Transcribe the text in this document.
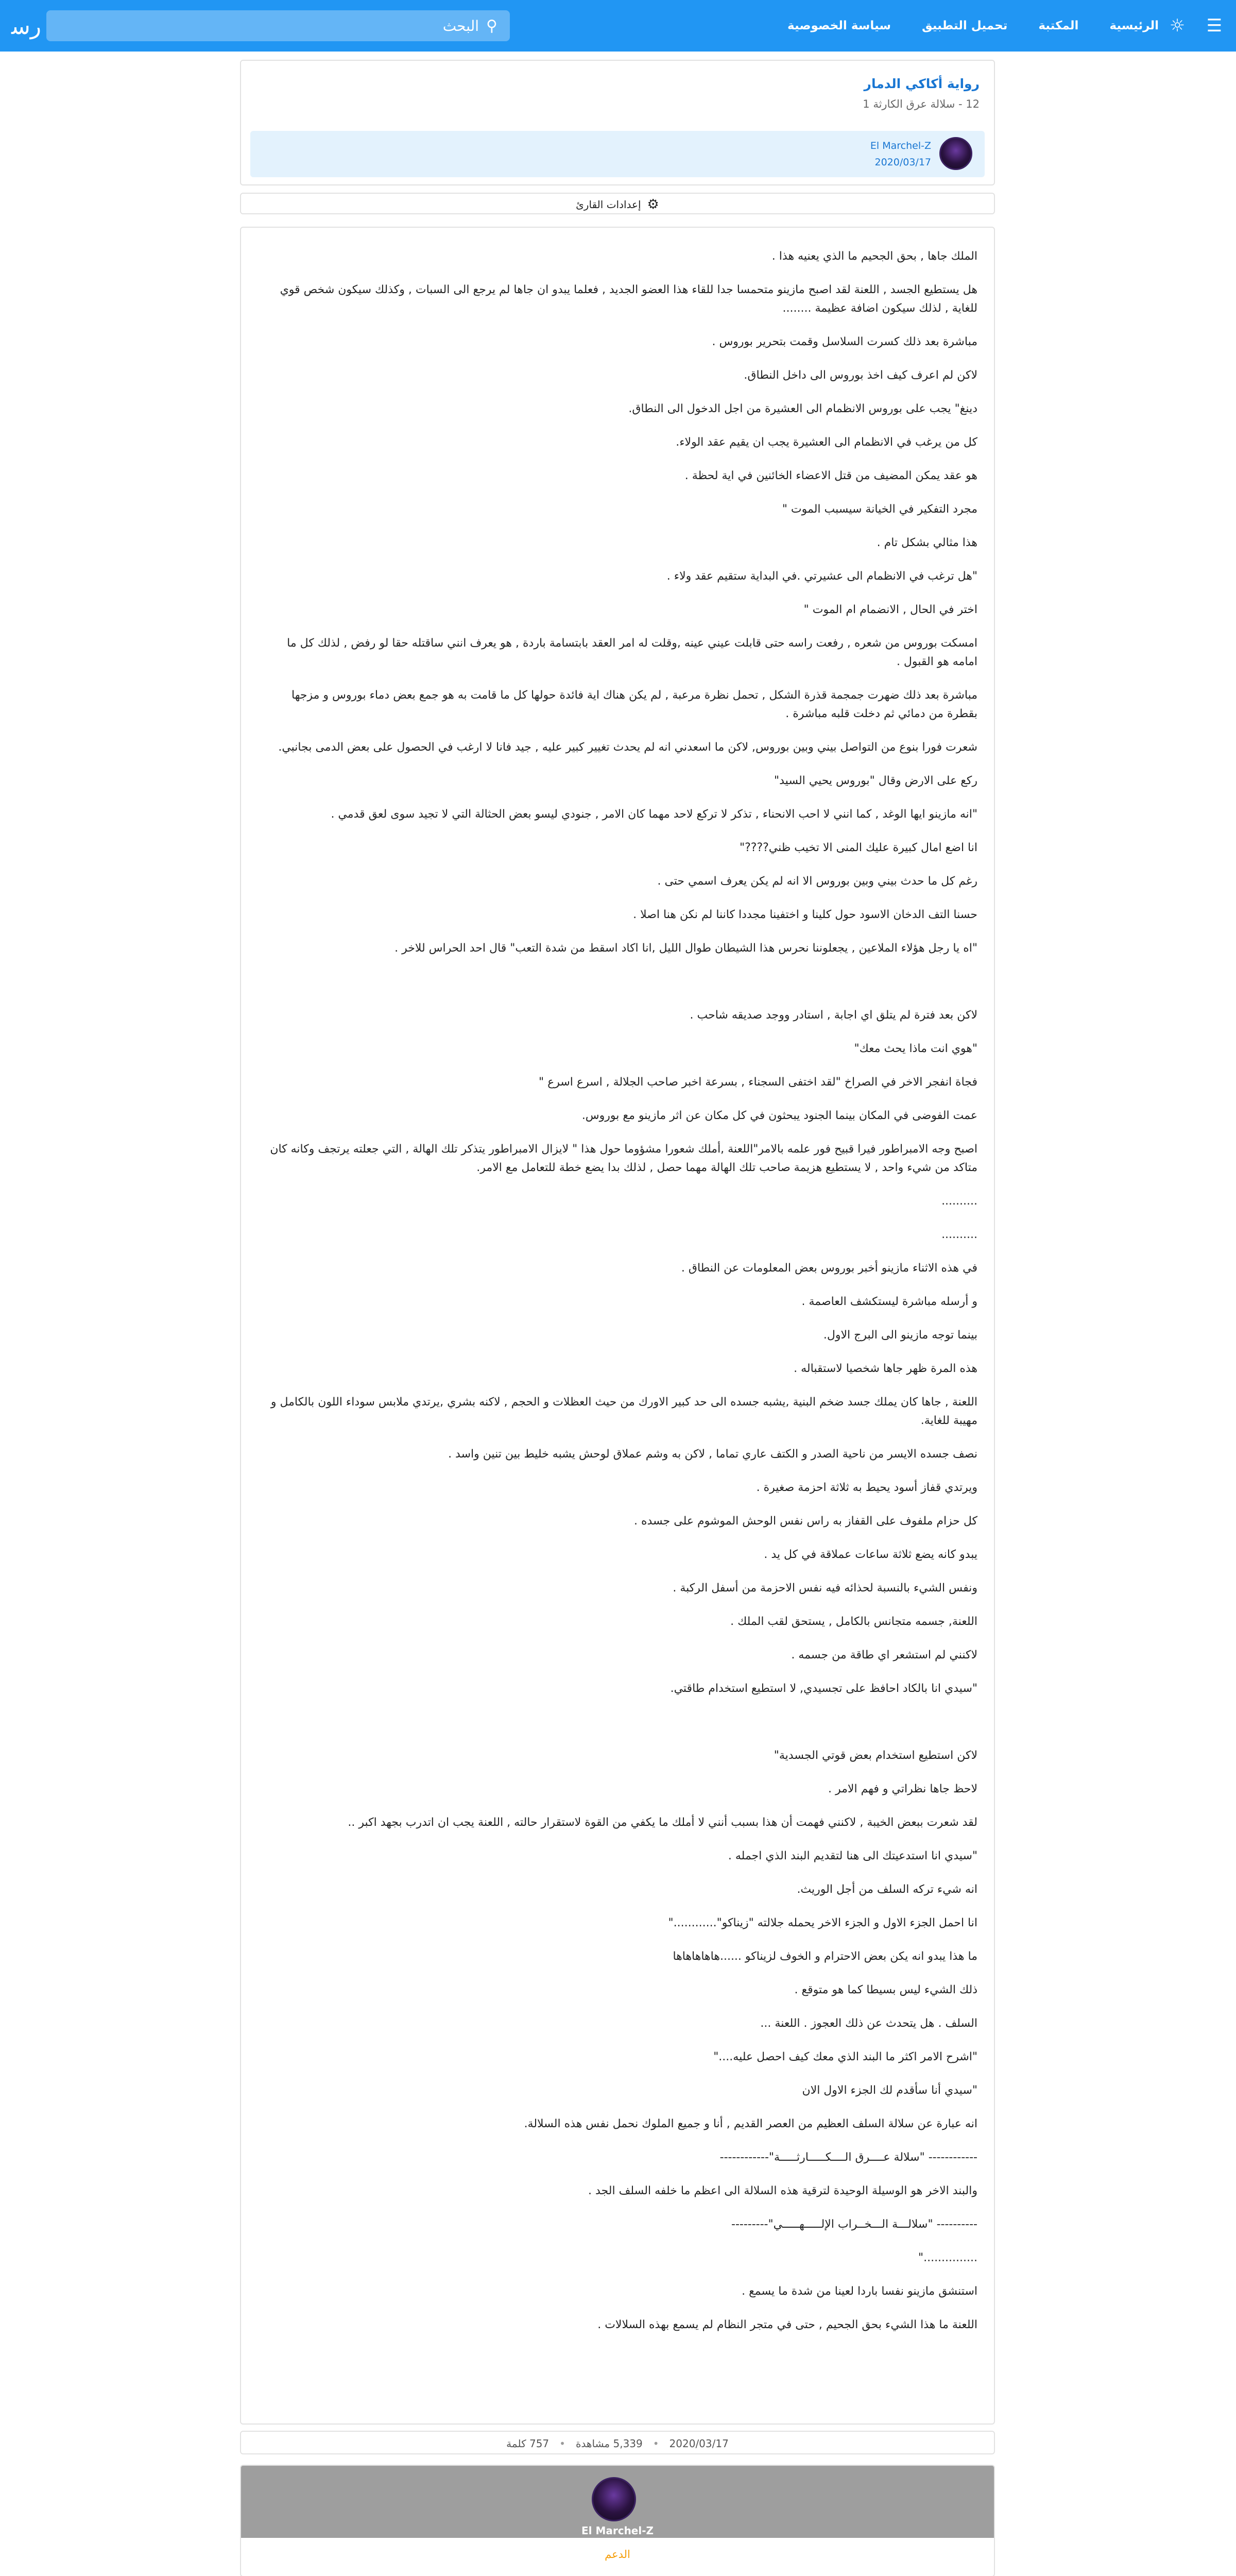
ﺭﺳ	⚲
البحث	الرئيسية
المكتبة
تحميل التطبيق
سياسة الخصوصية	☼ ☰
رواية أكاكي الدمار
12 - سلالة عرق الكارثة 1
El Marchel-Z
2020/03/17
⚙
إعدادات القارئ

الملك جاها , بحق الجحيم ما الذي يعنيه هذا .

هل يستطيع الجسد , اللعنة لقد اصبح مازينو متحمسا جدا للقاء هذا العضو الجديد , فعلما يبدو ان جاها لم يرجع الى السبات , وكذلك سيكون شخص قوي للغاية , لذلك سيكون اضافة عظيمة ........

مباشرة بعد ذلك كسرت السلاسل وقمت بتحرير بوروس .

لاكن لم اعرف كيف اخذ بوروس الى داخل النطاق.

دينغ" يجب على بوروس الانظمام الى العشيرة من اجل الدخول الى النطاق.

كل من يرغب في الانظمام الى العشيرة يجب ان يقيم عقد الولاء.

هو عقد يمكن المضيف من قتل الاعضاء الخائنين في اية لحظة .

مجرد التفكير في الخيانة سيسبب الموت "

هذا مثالي بشكل تام .

"هل ترغب في الانظمام الى عشيرتي .في البداية ستقيم عقد ولاء .

اختر في الحال , الانضمام ام الموت "

امسكت بوروس من شعره , رفعت راسه حتى قابلت عيني عينه ,وقلت له امر العقد بابتسامة باردة , هو يعرف انني ساقتله حقا لو رفض , لذلك كل ما امامه هو القبول .

مباشرة بعد ذلك ضهرت جمجمة قذرة الشكل , تحمل نظرة مرعبة , لم يكن هناك اية فائدة حولها كل ما قامت به هو جمع بعض دماء بوروس و مزجها بقطرة من دمائي ثم دخلت قلبه مباشرة .

شعرت فورا بنوع من التواصل بيني وبين بوروس, لاكن ما اسعدني انه لم يحدث تغيير كبير عليه , جيد فانا لا ارغب في الحصول على بعض الدمى بجانبي.

ركع على الارض وقال "بوروس يحيي السيد"

"انه مازينو ايها الوغد , كما انني لا احب الانحناء , تذكر لا تركع لاحد مهما كان الامر , جنودي ليسو بعض الحثالة التي لا تجيد سوى لعق قدمي .

انا اضع امال كبيرة عليك المنى الا تخيب ظني????"

رغم كل ما حدث بيني وبين بوروس الا انه لم يكن يعرف اسمي حتى .

حسنا التف الدخان الاسود حول كلينا و اختفينا مجددا كاننا لم نكن هنا اصلا .

"اه يا رجل هؤلاء الملاعين , يجعلوننا نحرس هذا الشيطان طوال الليل ,انا اكاد اسقط من شدة التعب" قال احد الحراس للاخر .

لاكن بعد فترة لم يتلق اي اجابة , استادر ووجد صديقه شاحب .

"هوي انت ماذا يحث معك"

فجاة انفجر الاخر في الصراخ "لقد اختفى السجناء , بسرعة اخبر صاحب الجلالة , اسرع اسرع "

عمت الفوضى في المكان بينما الجنود يبحثون في كل مكان عن اثر مازينو مع بوروس.

اصبح وجه الامبراطور فيرا قبيح فور علمه بالامر"اللعنة ,أملك شعورا مشؤوما حول هذا " لايزال الامبراطور يتذكر تلك الهالة , التي جعلته يرتجف وكانه كان متاكد من شيء واحد , لا يستطيع هزيمة صاحب تلك الهالة مهما حصل , لذلك بدا يضع خطة للتعامل مع الامر.

..........

..........

في هذه الاثناء مازينو أخبر بوروس بعض المعلومات عن النطاق .

و أرسله مباشرة ليستكشف العاصمة .

بينما توجه مازينو الى البرج الاول.

هذه المرة ظهر جاها شخصيا لاستقباله .

اللعنة , جاها كان يملك جسد ضخم البنية ,يشبه جسده الى حد كبير الاورك من حيث العظلات و الحجم , لاكنه بشري ,يرتدي ملابس سوداء اللون بالكامل و مهيبة للغاية.

نصف جسده الايسر من ناحية الصدر و الكتف عاري تماما , لاكن به وشم عملاق لوحش يشبه خليط بين تنين واسد .

ويرتدي قفاز أسود يحيط به ثلاثة احزمة صغيرة .

كل حزام ملفوف على القفاز به راس نفس الوحش الموشوم على جسده .

يبدو كانه يضع ثلاثة ساعات عملاقة في كل يد .

ونفس الشيء بالنسبة لحذائه فيه نفس الاحزمة من أسفل الركبة .

اللعنة, جسمه متجانس بالكامل , يستحق لقب الملك .

لاكنني لم استشعر اي طاقة من جسمه .

"سيدي انا بالكاد احافظ على تجسيدي, لا استطيع استخدام طاقتي.

لاكن استطيع استخدام بعض قوتي الجسدية"

لاحظ جاها نظراتي و فهم الامر .

لقد شعرت ببعض الخيبة , لاكنني فهمت أن هذا بسبب أنني لا أملك ما يكفي من القوة لاستقرار حالته , اللعنة يجب ان اتدرب بجهد اكبر ..

"سيدي انا استدعيتك الى هنا لتقديم البند الذي اجمله .

انه شيء تركه السلف من أجل الوريث.

انا احمل الجزء الاول و الجزء الاخر يحمله جلالته "زيناكو"............"

ما هذا يبدو انه يكن بعض الاحترام و الخوف لزيناكو ......هاهاهاهاها

ذلك الشيء ليس بسيطا كما هو متوقع .

السلف . هل يتحدث عن ذلك العجوز . اللعنة ...

"اشرح الامر اكثر ما البند الذي معك كيف احصل عليه...."

"سيدي أنا سأقدم لك الجزء الاول الان

انه عبارة عن سلالة السلف العظيم من العصر القديم , أنا و جميع الملوك نحمل نفس هذه السلالة.

------------ "سلالة عــــرق الــــكـــــارثـــــة"------------

والبند الاخر هو الوسيلة الوحيدة لترقية هذه السلالة الى اعظم ما خلفه السلف الجد .

---------- "سلالـــة الـــخــراب الإلـــــهـــــي"---------

..............."

استنشق مازينو نفسا باردا لعينا من شدة ما يسمع .

اللعنة ما هذا الشيء بحق الجحيم , حتى في متجر النظام لم يسمع بهذه السلالات .

2020/03/17
•
5,339 مشاهدة
•
757 كلمة
El Marchel-Z
الدعم
